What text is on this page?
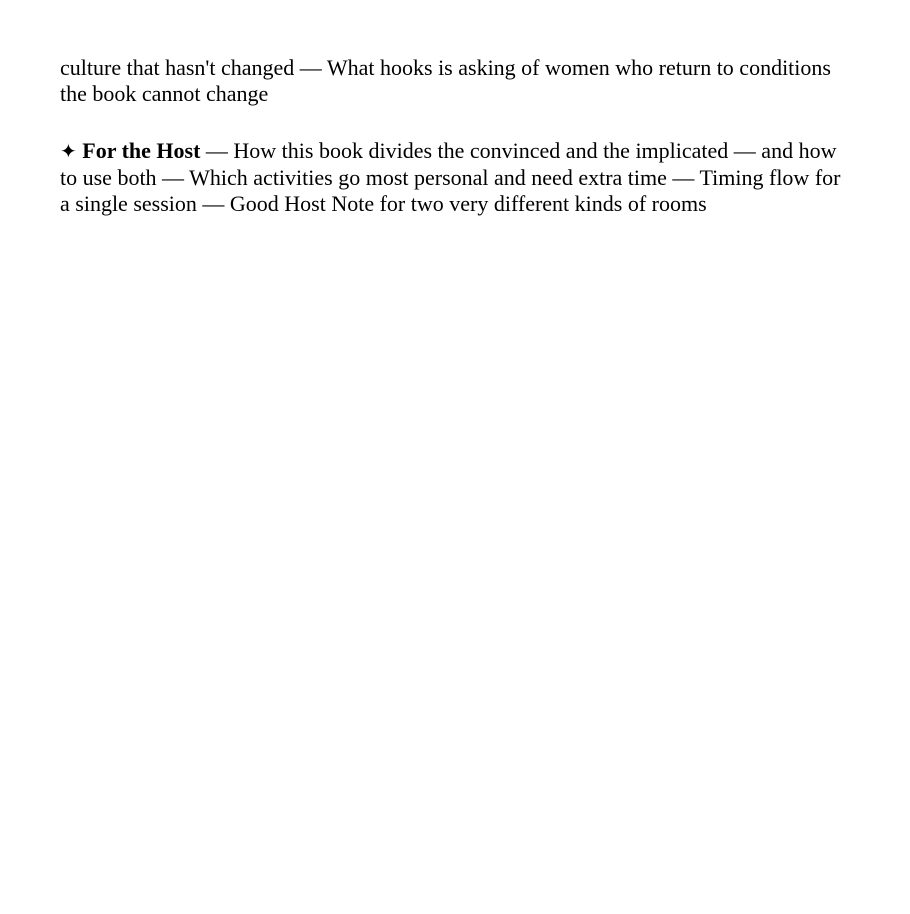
culture that hasn't changed — What hooks is asking of women who return to conditions the book cannot change

✦ For the Host — How this book divides the convinced and the implicated — and how to use both — Which activities go most personal and need extra time — Timing flow for a single session — Good Host Note for two very different kinds of rooms
